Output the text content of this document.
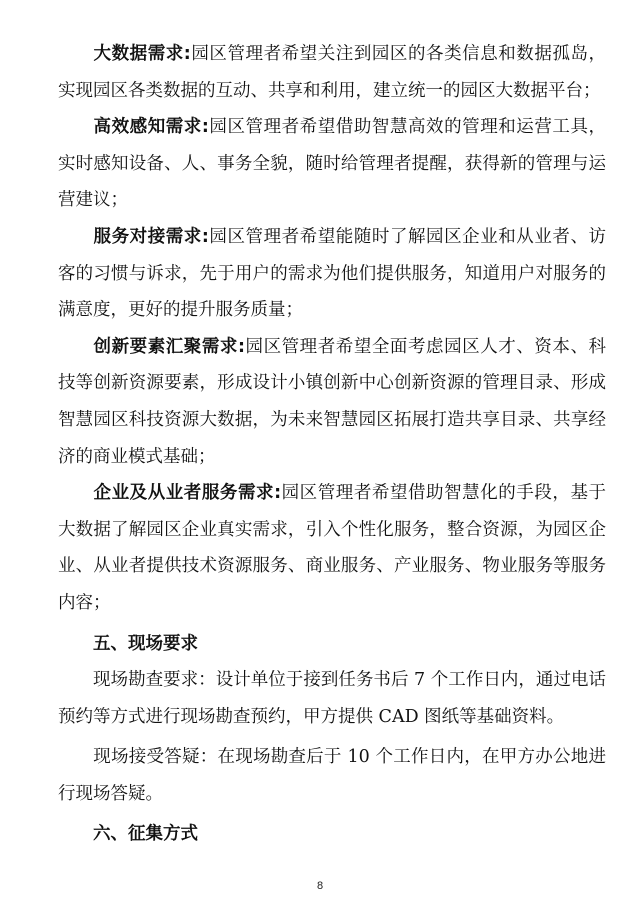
大数据需求:园区管理者希望关注到园区的各类信息和数据孤岛，实现园区各类数据的互动、共享和利用，建立统一的园区大数据平台；

高效感知需求:园区管理者希望借助智慧高效的管理和运营工具，实时感知设备、人、事务全貌，随时给管理者提醒，获得新的管理与运营建议；

服务对接需求:园区管理者希望能随时了解园区企业和从业者、访客的习惯与诉求，先于用户的需求为他们提供服务，知道用户对服务的满意度，更好的提升服务质量；

创新要素汇聚需求:园区管理者希望全面考虑园区人才、资本、科技等创新资源要素，形成设计小镇创新中心创新资源的管理目录、形成智慧园区科技资源大数据，为未来智慧园区拓展打造共享目录、共享经济的商业模式基础；

企业及从业者服务需求:园区管理者希望借助智慧化的手段，基于大数据了解园区企业真实需求，引入个性化服务，整合资源，为园区企业、从业者提供技术资源服务、商业服务、产业服务、物业服务等服务内容；

五、现场要求

现场勘查要求：设计单位于接到任务书后 7 个工作日内，通过电话预约等方式进行现场勘查预约，甲方提供 CAD 图纸等基础资料。

现场接受答疑：在现场勘查后于 10 个工作日内，在甲方办公地进行现场答疑。

六、征集方式

8
